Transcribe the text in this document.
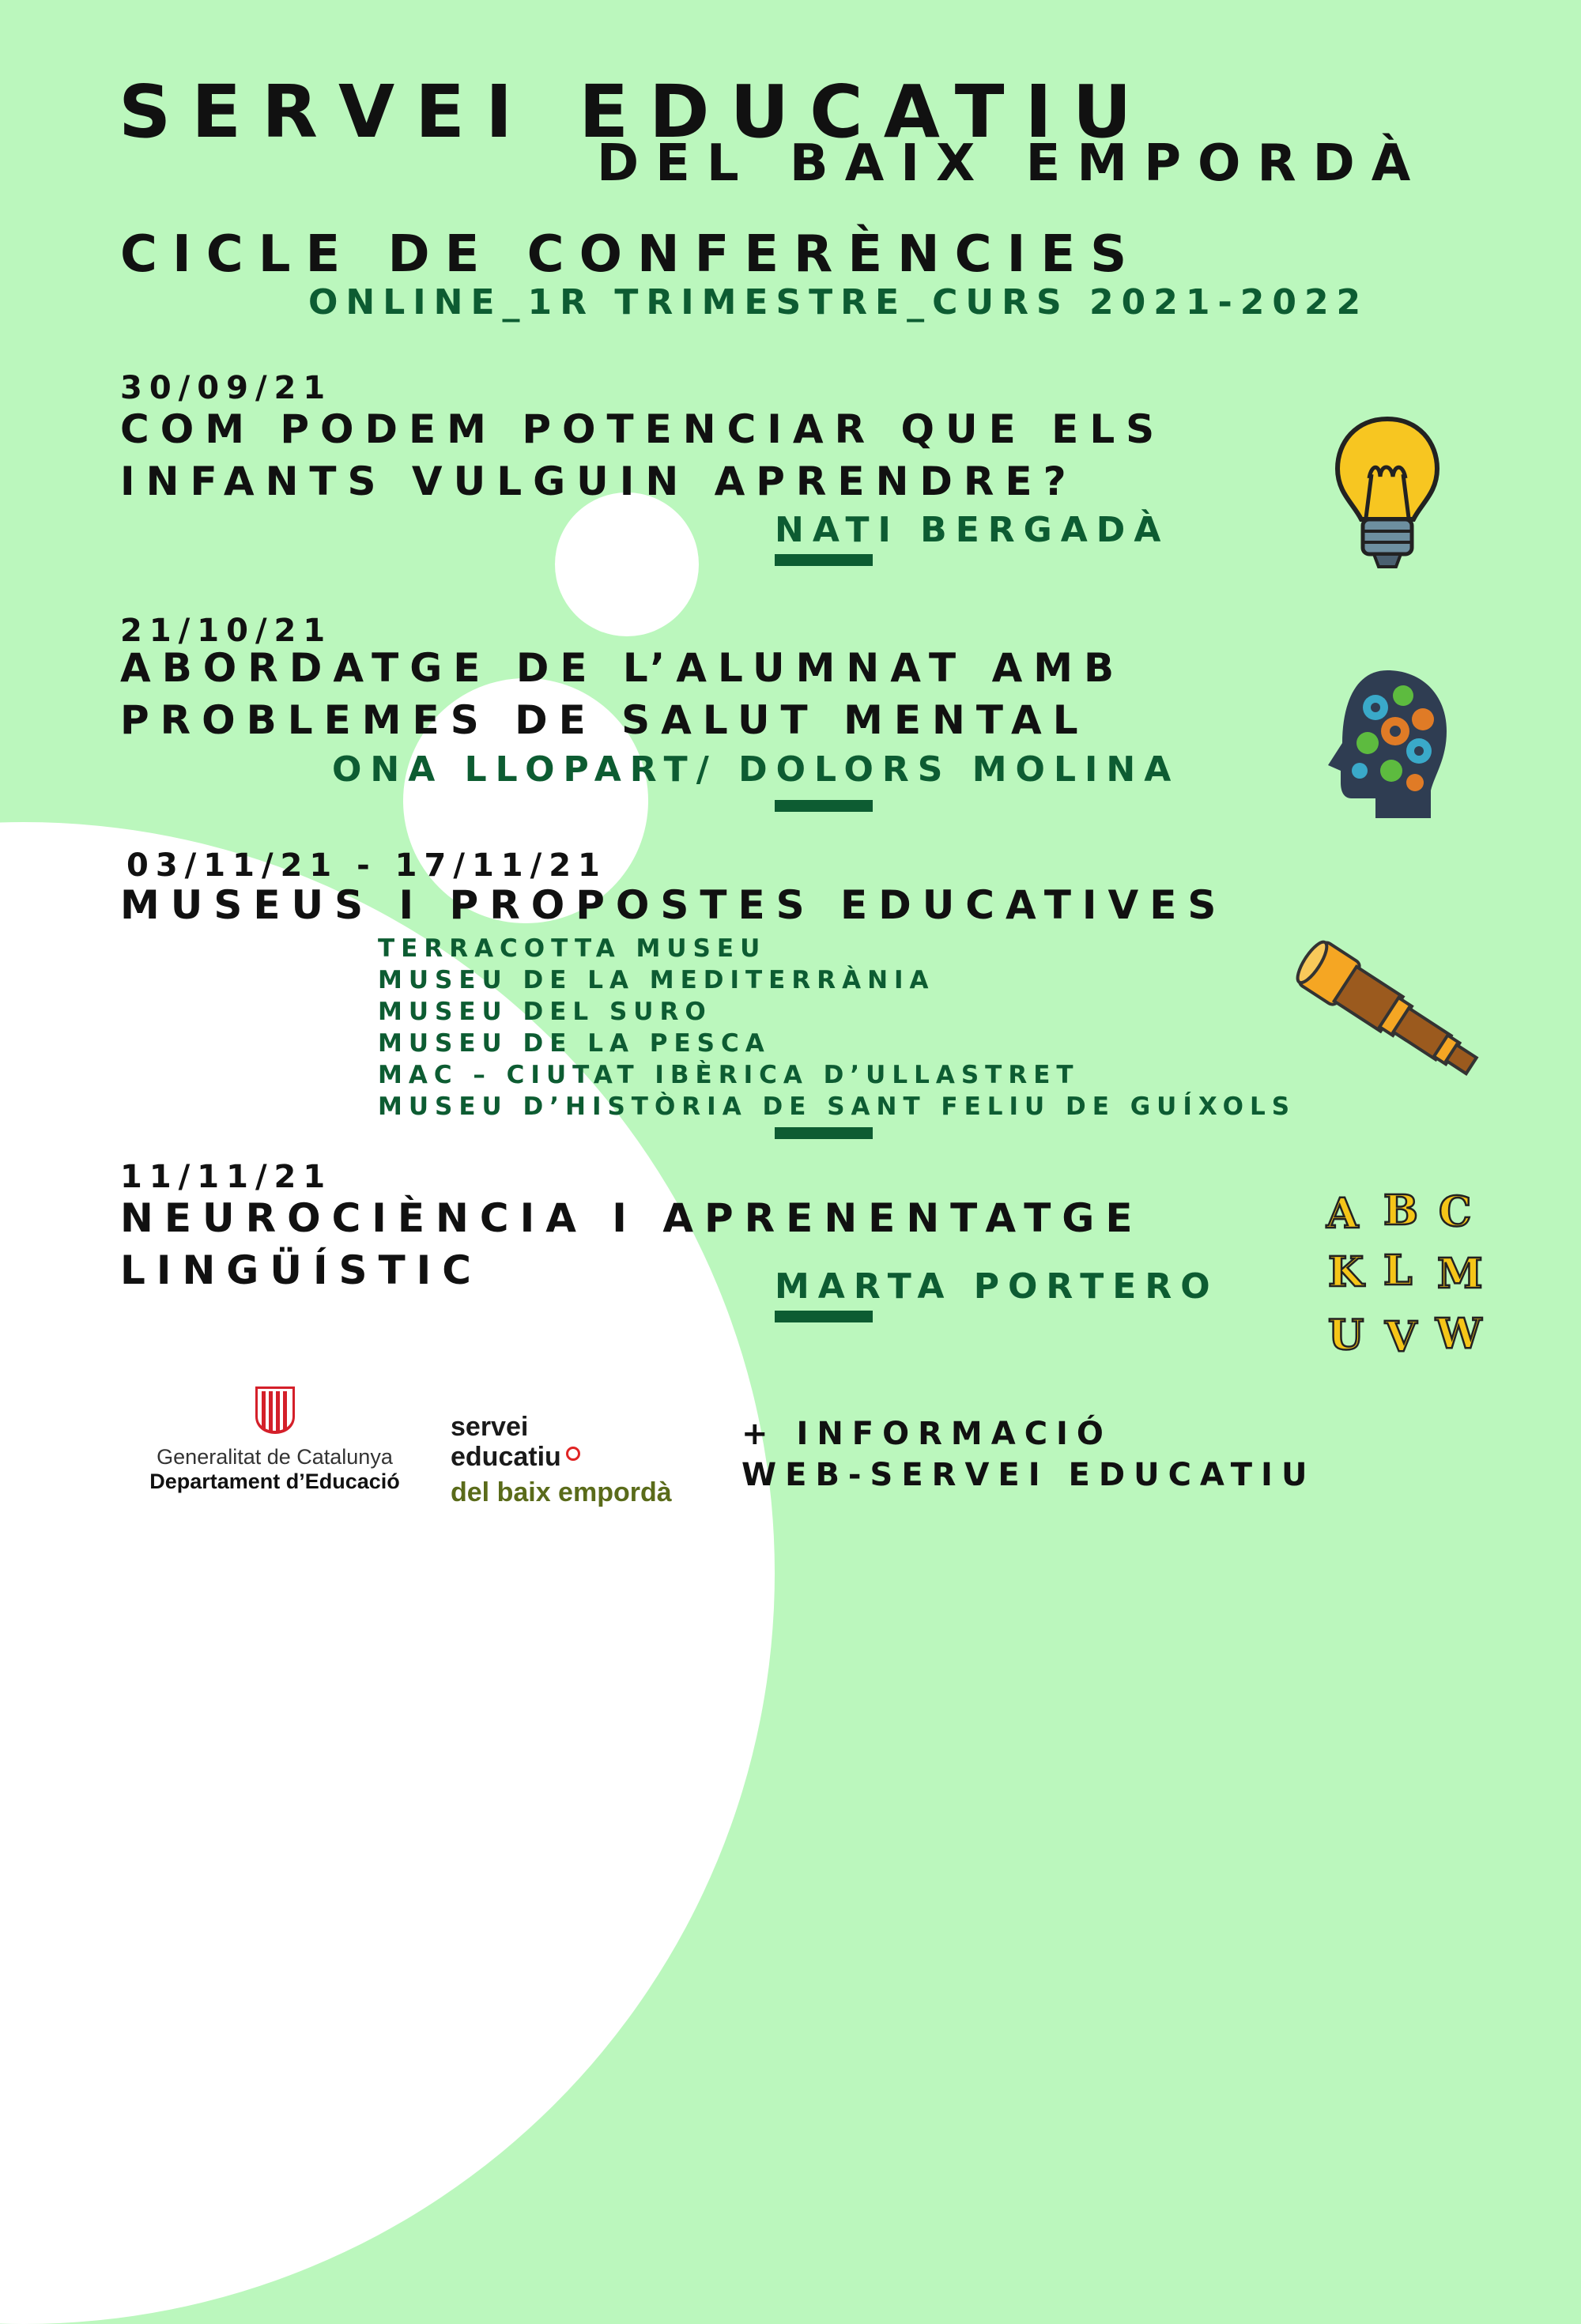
SERVEI EDUCATIU
DEL BAIX EMPORDÀ
CICLE DE CONFERÈNCIES
ONLINE_1R TRIMESTRE_CURS 2021-2022
30/09/21
COM PODEM POTENCIAR QUE ELS
INFANTS VULGUIN APRENDRE?
NATI BERGADÀ
21/10/21
ABORDATGE DE L’ALUMNAT AMB
PROBLEMES DE SALUT MENTAL
ONA LLOPART/ DOLORS MOLINA
03/11/21 - 17/11/21
MUSEUS I PROPOSTES EDUCATIVES
TERRACOTTA MUSEU
MUSEU DE LA MEDITERRÀNIA
MUSEU DEL SURO
MUSEU DE LA PESCA
MAC – CIUTAT IBÈRICA D’ULLASTRET
MUSEU D’HISTÒRIA DE SANT FELIU DE GUÍXOLS
11/11/21
NEUROCIÈNCIA I APRENENTATGE
LINGÜÍSTIC	MARTA PORTERO
A B C
K L M
U V W
Generalitat de Catalunya
Departament d’Educació
servei
educatiu
del baix empordà
+ INFORMACIÓ
WEB-SERVEI EDUCATIU
